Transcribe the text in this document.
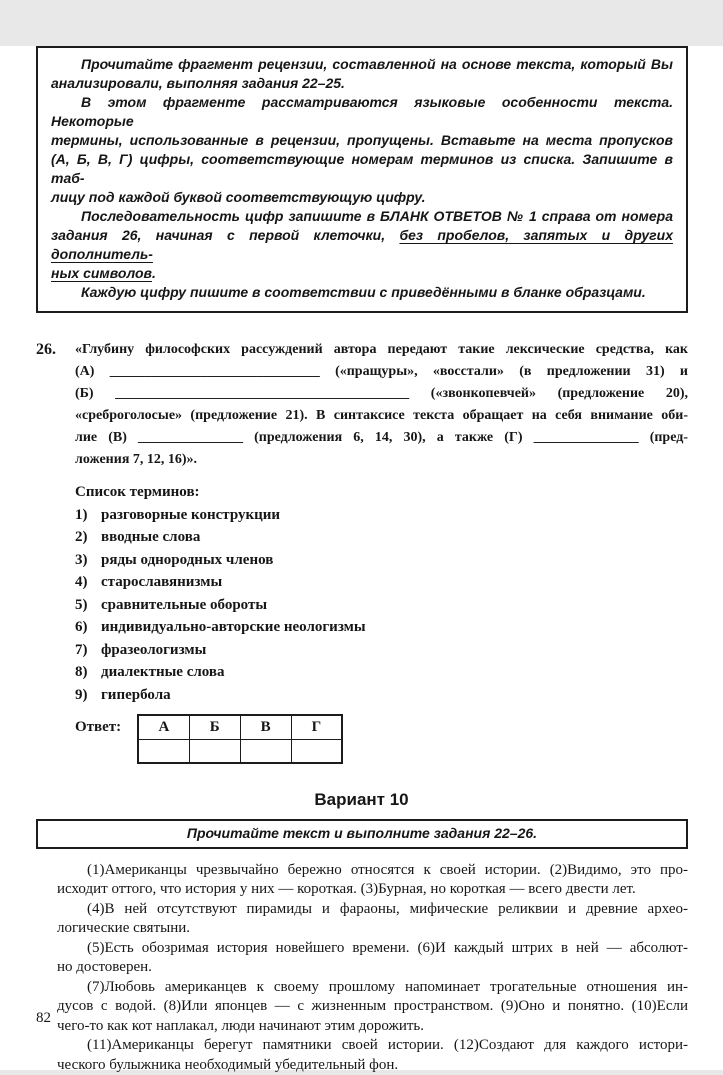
Прочитайте фрагмент рецензии, составленной на основе текста, который Вы
анализировали, выполняя задания 22–25.
В этом фрагменте рассматриваются языковые особенности текста. Некоторые
термины, использованные в рецензии, пропущены. Вставьте на места пропусков
(А, Б, В, Г) цифры, соответствующие номерам терминов из списка. Запишите в таб-
лицу под каждой буквой соответствующую цифру.
Последовательность цифр запишите в БЛАНК ОТВЕТОВ № 1 справа от номера
задания 26, начиная с первой клеточки, без пробелов, запятых и других дополнитель-
ных символов.
Каждую цифру пишите в соответствии с приведёнными в бланке образцами.
26.	«Глубину философских рассуждений автора передают такие лексические средства, как
(А) ______________________________ («пращуры», «восстали» (в предложении 31) и
(Б) __________________________________________ («звонкопевчей» (предложение 20),
«среброголосые» (предложение 21). В синтаксисе текста обращает на себя внимание оби-
лие (В) _______________ (предложения 6, 14, 30), а также (Г) _______________ (пред-
ложения 7, 12, 16)».
Список терминов:
1) разговорные конструкции
2) вводные слова
3) ряды однородных членов
4) старославянизмы
5) сравнительные обороты
6) индивидуально-авторские неологизмы
7) фразеологизмы
8) диалектные слова
9) гипербола
Ответ: А	Б	В	Г

Вариант 10
Прочитайте текст и выполните задания 22–26.
(1)Американцы чрезвычайно бережно относятся к своей истории. (2)Видимо, это про-
исходит оттого, что история у них — короткая. (3)Бурная, но короткая — всего двести лет.
(4)В ней отсутствуют пирамиды и фараоны, мифические реликвии и древние архео-
логические святыни.
(5)Есть обозримая история новейшего времени. (6)И каждый штрих в ней — абсолют-
но достоверен.
(7)Любовь американцев к своему прошлому напоминает трогательные отношения ин-
дусов с водой. (8)Или японцев — с жизненным пространством. (9)Оно и понятно. (10)Если
чего-то как кот наплакал, люди начинают этим дорожить.
(11)Американцы берегут памятники своей истории. (12)Создают для каждого истори-
ческого булыжника необходимый убедительный фон.
82
